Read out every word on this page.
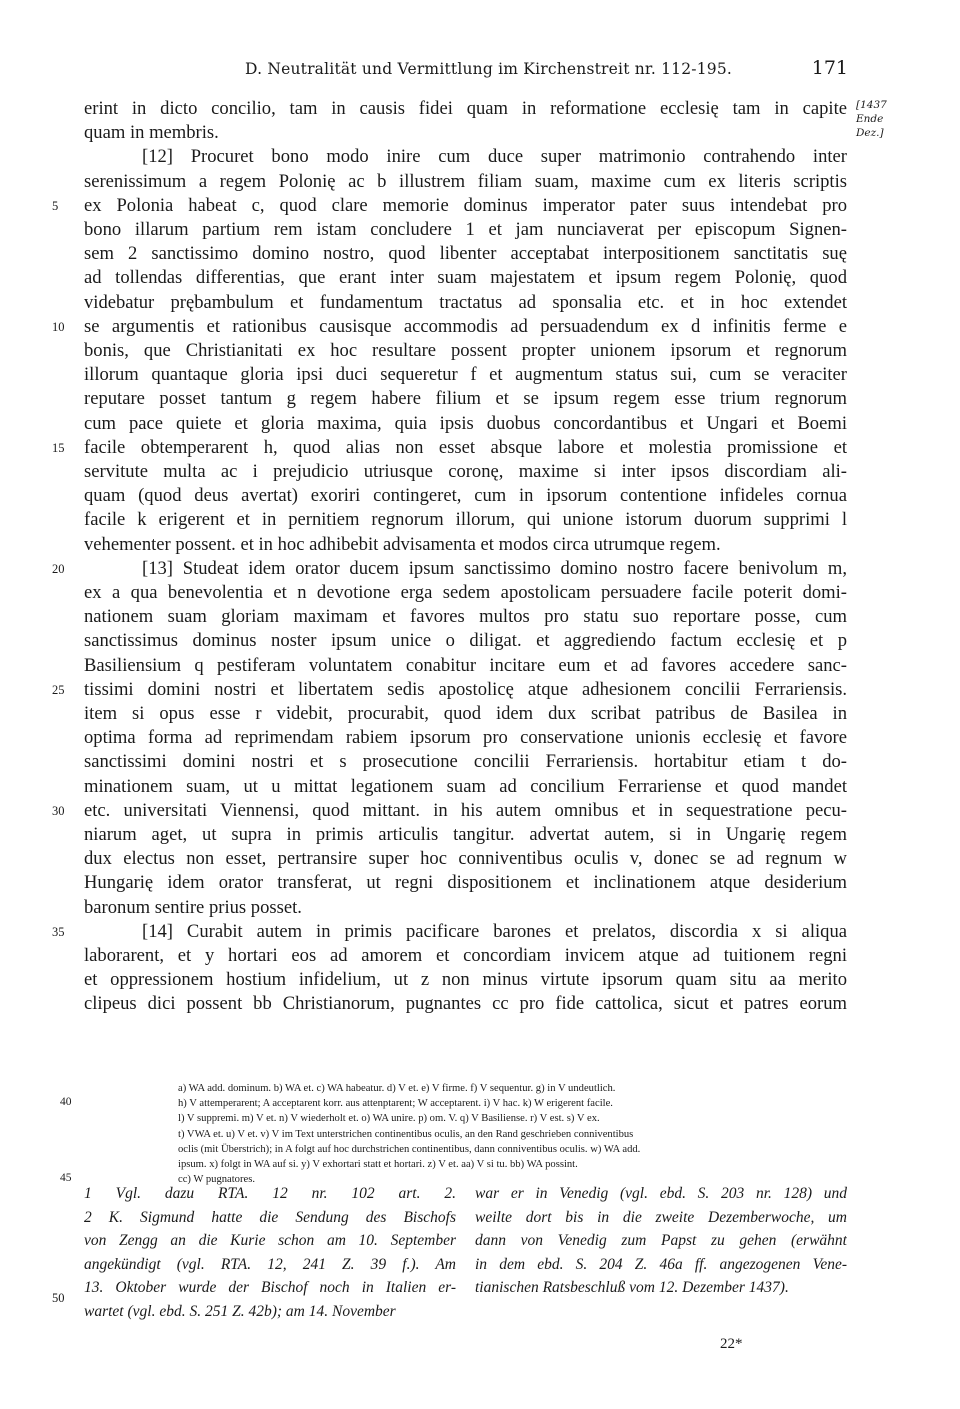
D. Neutralität und Vermittlung im Kirchenstreit nr. 112-195.	171
[1437
Ende
Dez.]
erint in dicto concilio, tam in causis fidei quam in reformatione ecclesię tam in capite
quam in membris.
[12] Procuret bono modo inire cum duce super matrimonio contrahendo inter
serenissimum a regem Polonię ac b illustrem filiam suam, maxime cum ex literis scriptis
ex Polonia habeat c, quod clare memorie dominus imperator pater suus intendebat pro
5
bono illarum partium rem istam concludere 1 et jam nunciaverat per episcopum Signen-
sem 2 sanctissimo domino nostro, quod libenter acceptabat interpositionem sanctitatis suę
ad tollendas differentias, que erant inter suam majestatem et ipsum regem Polonię, quod
videbatur prębambulum et fundamentum tractatus ad sponsalia etc. et in hoc extendet
se argumentis et rationibus causisque accommodis ad persuadendum ex d infinitis ferme e
10
bonis, que Christianitati ex hoc resultare possent propter unionem ipsorum et regnorum
illorum quantaque gloria ipsi duci sequeretur f et augmentum status sui, cum se veraciter
reputare posset tantum g regem habere filium et se ipsum regem esse trium regnorum
cum pace quiete et gloria maxima, quia ipsis duobus concordantibus et Ungari et Boemi
facile obtemperarent h, quod alias non esset absque labore et molestia promissione et
15
servitute multa ac i prejudicio utriusque coronę, maxime si inter ipsos discordiam ali-
quam (quod deus avertat) exoriri contingeret, cum in ipsorum contentione infideles cornua
facile k erigerent et in pernitiem regnorum illorum, qui unione istorum duorum supprimi l
vehementer possent. et in hoc adhibebit advisamenta et modos circa utrumque regem.
[13] Studeat idem orator ducem ipsum sanctissimo domino nostro facere benivolum m,
20
ex a qua benevolentia et n devotione erga sedem apostolicam persuadere facile poterit domi-
nationem suam gloriam maximam et favores multos pro statu suo reportare posse, cum
sanctissimus dominus noster ipsum unice o diligat. et aggrediendo factum ecclesię et p
Basiliensium q pestiferam voluntatem conabitur incitare eum et ad favores accedere sanc-
tissimi domini nostri et libertatem sedis apostolicę atque adhesionem concilii Ferrariensis.
25
item si opus esse r videbit, procurabit, quod idem dux scribat patribus de Basilea in
optima forma ad reprimendam rabiem ipsorum pro conservatione unionis ecclesię et favore
sanctissimi domini nostri et s prosecutione concilii Ferrariensis. hortabitur etiam t do-
minationem suam, ut u mittat legationem suam ad concilium Ferrariense et quod mandet
etc. universitati Viennensi, quod mittant. in his autem omnibus et in sequestratione pecu-
30
niarum aget, ut supra in primis articulis tangitur. advertat autem, si in Ungarię regem
dux electus non esset, pertransire super hoc conniventibus oculis v, donec se ad regnum w
Hungarię idem orator transferat, ut regni dispositionem et inclinationem atque desiderium
baronum sentire prius posset.
[14] Curabit autem in primis pacificare barones et prelatos, discordia x si aliqua
35
laborarent, et y hortari eos ad amorem et concordiam invicem atque ad tuitionem regni
et oppressionem hostium infidelium, ut z non minus virtute ipsorum quam situ aa merito
clipeus dici possent bb Christianorum, pugnantes cc pro fide cattolica, sicut et patres eorum
a) WA add. dominum. b) WA et. c) WA habeatur. d) V et. e) V firme. f) V sequentur. g) in V undeutlich.
h) V attemperarent; A acceptarent korr. aus attenptarent; W acceptarent. i) V hac. k) W erigerent facile.
40
l) V suppremi. m) V et. n) V wiederholt et. o) WA unire. p) om. V. q) V Basiliense. r) V est. s) V ex.
t) VWA et. u) V et. v) V im Text unterstrichen continentibus oculis, an den Rand geschrieben conniventibus
oclis (mit Überstrich); in A folgt auf hoc durchstrichen continentibus, dann conniventibus oculis. w) WA add.
ipsum. x) folgt in WA auf si. y) V exhortari statt et hortari. z) V et. aa) V si tu. bb) WA possint.
cc) W pugnatores.
45
1 Vgl. dazu RTA. 12 nr. 102 art. 2.
2 K. Sigmund hatte die Sendung des Bischofs
von Zengg an die Kurie schon am 10. September
angekündigt (vgl. RTA. 12, 241 Z. 39 f.). Am
13. Oktober wurde der Bischof noch in Italien er-
wartet (vgl. ebd. S. 251 Z. 42b); am 14. November
war er in Venedig (vgl. ebd. S. 203 nr. 128) und
weilte dort bis in die zweite Dezemberwoche, um
dann von Venedig zum Papst zu gehen (erwähnt
in dem ebd. S. 204 Z. 46a ff. angezogenen Vene-
tianischen Ratsbeschluß vom 12. Dezember 1437).
50
22*
